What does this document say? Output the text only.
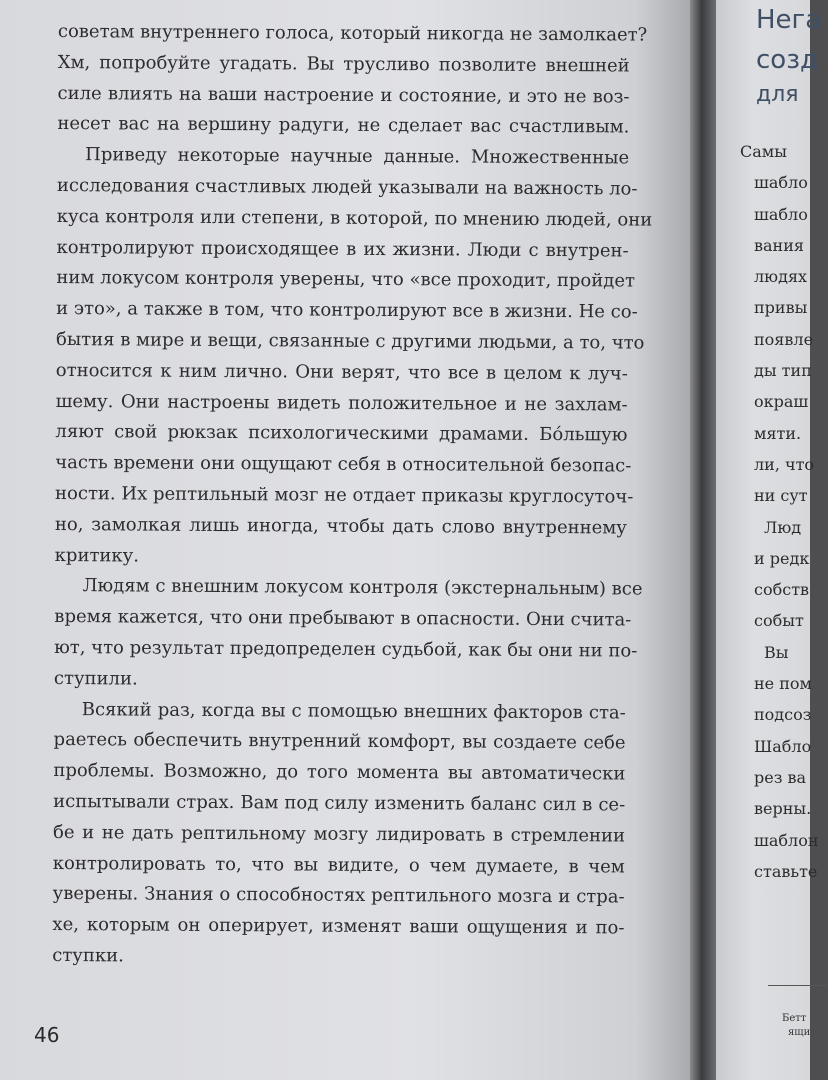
советам внутреннего голоса, который никогда не замолкает?
Хм, попробуйте угадать. Вы трусливо позволите внешней
силе влиять на ваши настроение и состояние, и это не воз-
несет вас на вершину радуги, не сделает вас счастливым.

Приведу некоторые научные данные. Множественные
исследования счастливых людей указывали на важность ло-
куса контроля или степени, в которой, по мнению людей, они
контролируют происходящее в их жизни. Люди с внутрен-
ним локусом контроля уверены, что «все проходит, пройдет
и это», а также в том, что контролируют все в жизни. Не со-
бытия в мире и вещи, связанные с другими людьми, а то, что
относится к ним лично. Они верят, что все в целом к луч-
шему. Они настроены видеть положительное и не захлам-
ляют свой рюкзак психологическими драмами. Бо́льшую
часть времени они ощущают себя в относительной безопас-
ности. Их рептильный мозг не отдает приказы круглосуточ-
но, замолкая лишь иногда, чтобы дать слово внутреннему
критику.

Людям с внешним локусом контроля (экстернальным) все
время кажется, что они пребывают в опасности. Они счита-
ют, что результат предопределен судьбой, как бы они ни по-
ступили.

Всякий раз, когда вы с помощью внешних факторов ста-
раетесь обеспечить внутренний комфорт, вы создаете себе
проблемы. Возможно, до того момента вы автоматически
испытывали страх. Вам под силу изменить баланс сил в се-
бе и не дать рептильному мозгу лидировать в стремлении
контролировать то, что вы видите, о чем думаете, в чем
уверены. Знания о способностях рептильного мозга и стра-
хе, которым он оперирует, изменят ваши ощущения и по-
ступки.

46
Нега
созд
для
Самы
шабло
шабло
вания
людях
привы
появле
ды тип
окраш
мяти.
ли, что
ни сут
Люд
и редк
собств
событ
Вы
не пом
подсоз
Шабло
рез ва
верны.
шаблон
ставьте
Бетт
ящи
